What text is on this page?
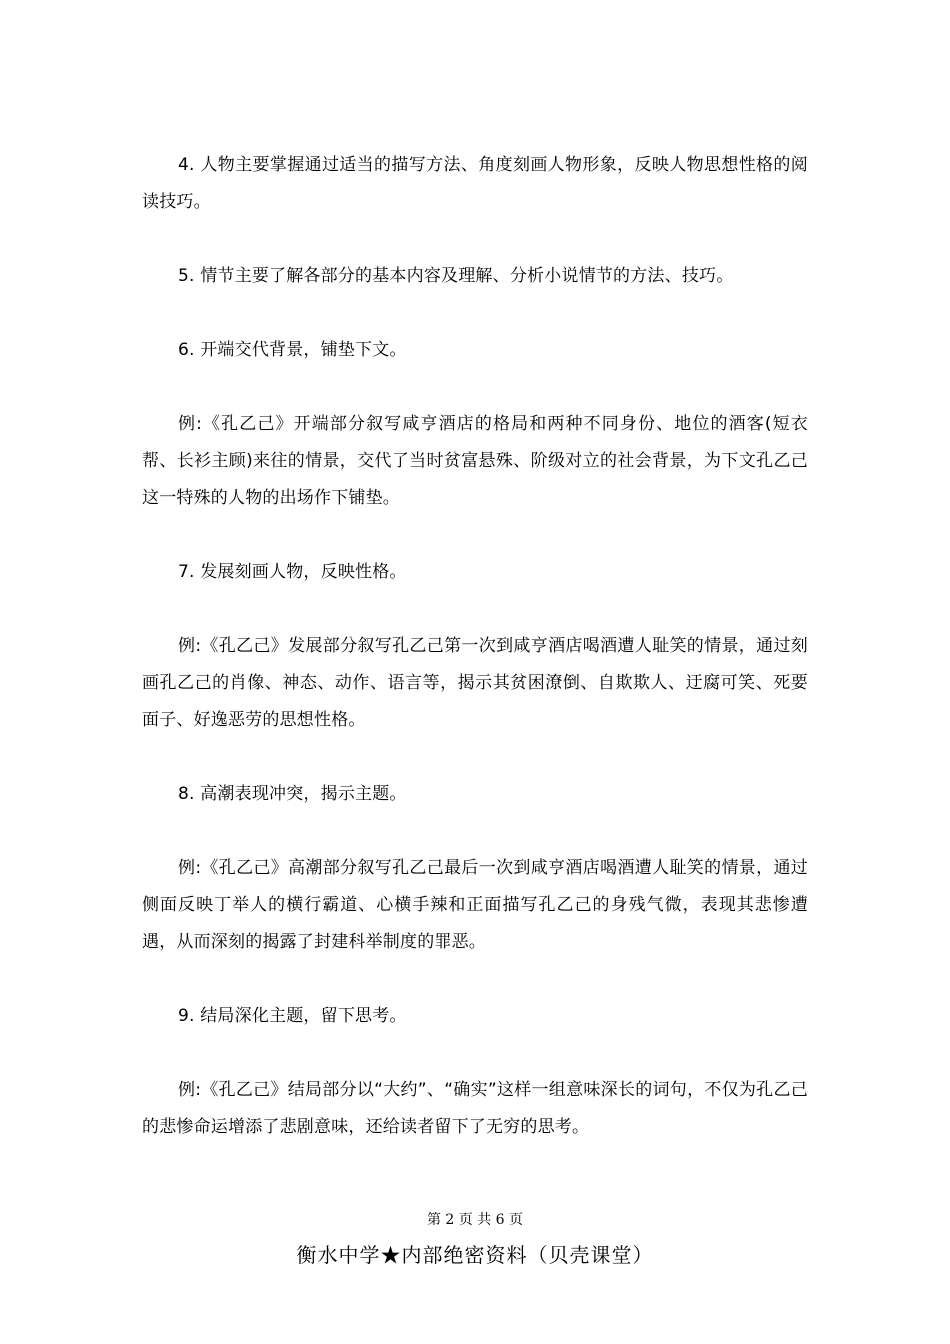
4. 人物主要掌握通过适当的描写方法、角度刻画人物形象，反映人物思想性格的阅读技巧。

5. 情节主要了解各部分的基本内容及理解、分析小说情节的方法、技巧。

6. 开端交代背景，铺垫下文。

例:《孔乙己》开端部分叙写咸亨酒店的格局和两种不同身份、地位的酒客(短衣帮、长衫主顾)来往的情景，交代了当时贫富悬殊、阶级对立的社会背景，为下文孔乙己这一特殊的人物的出场作下铺垫。

7. 发展刻画人物，反映性格。

例:《孔乙己》发展部分叙写孔乙己第一次到咸亨酒店喝酒遭人耻笑的情景，通过刻画孔乙己的肖像、神态、动作、语言等，揭示其贫困潦倒、自欺欺人、迂腐可笑、死要面子、好逸恶劳的思想性格。

8. 高潮表现冲突，揭示主题。

例:《孔乙己》高潮部分叙写孔乙己最后一次到咸亨酒店喝酒遭人耻笑的情景，通过侧面反映丁举人的横行霸道、心横手辣和正面描写孔乙己的身残气微，表现其悲惨遭遇，从而深刻的揭露了封建科举制度的罪恶。

9. 结局深化主题，留下思考。

例:《孔乙己》结局部分以“大约”、“确实”这样一组意味深长的词句，不仅为孔乙己的悲惨命运增添了悲剧意味，还给读者留下了无穷的思考。

第 2 页 共 6 页
衡水中学★内部绝密资料（贝壳课堂）
